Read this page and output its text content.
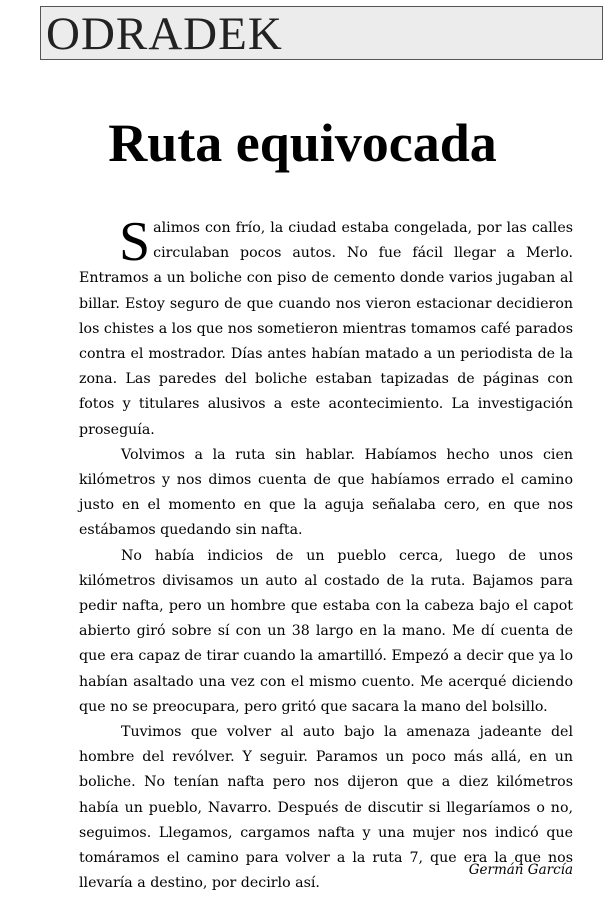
ODRADEK
Ruta equivocada

Salimos con frío, la ciudad estaba congelada, por las calles circulaban pocos autos. No fue fácil llegar a Merlo. Entramos a un boliche con piso de cemento donde varios jugaban al billar. Estoy seguro de que cuando nos vieron estacionar decidieron los chistes a los que nos sometieron mientras tomamos café parados contra el mostrador. Días antes habían matado a un periodista de la zona. Las paredes del boliche estaban tapizadas de páginas con fotos y titulares alusivos a este acontecimiento. La investigación proseguía.

Volvimos a la ruta sin hablar. Habíamos hecho unos cien kilómetros y nos dimos cuenta de que habíamos errado el camino justo en el momento en que la aguja señalaba cero, en que nos estábamos quedando sin nafta.

No había indicios de un pueblo cerca, luego de unos kilómetros divisamos un auto al costado de la ruta. Bajamos para pedir nafta, pero un hombre que estaba con la cabeza bajo el capot abierto giró sobre sí con un 38 largo en la mano. Me dí cuenta de que era capaz de tirar cuando la amartilló. Empezó a decir que ya lo habían asaltado una vez con el mismo cuento. Me acerqué diciendo que no se preocupara, pero gritó que sacara la mano del bolsillo.

Tuvimos que volver al auto bajo la amenaza jadeante del hombre del revólver. Y seguir. Paramos un poco más allá, en un boliche. No tenían nafta pero nos dijeron que a diez kilómetros había un pueblo, Navarro. Después de discutir si llegaríamos o no, seguimos. Llegamos, cargamos nafta y una mujer nos indicó que tomáramos el camino para volver a la ruta 7, que era la que nos llevaría a destino, por decirlo así.

Germán García
